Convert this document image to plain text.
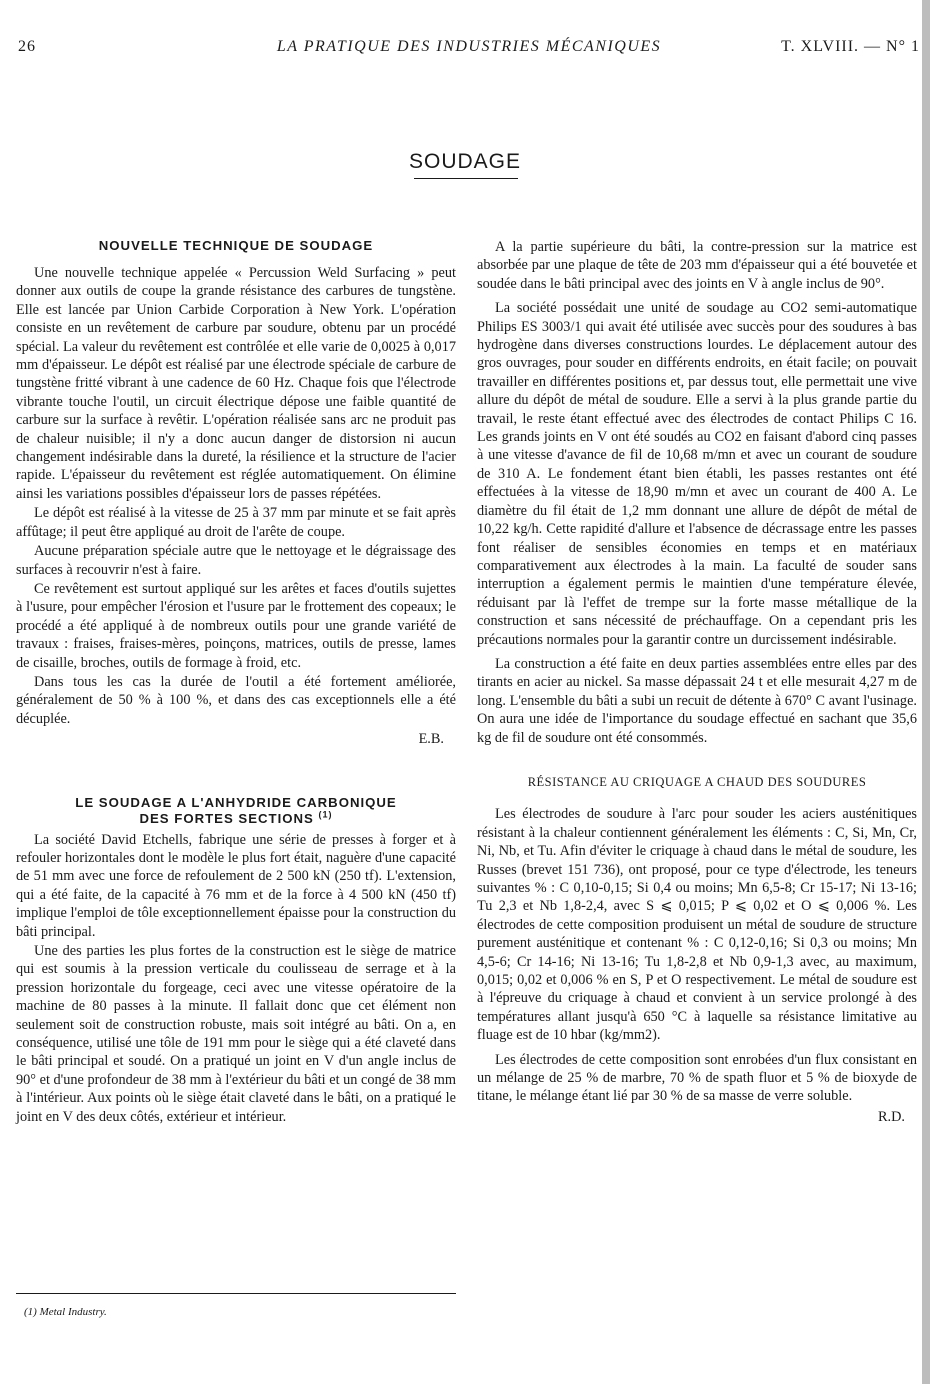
26	LA PRATIQUE DES INDUSTRIES MÉCANIQUES	T. XLVIII. — N° 1
SOUDAGE
NOUVELLE TECHNIQUE DE SOUDAGE

Une nouvelle technique appelée « Percussion Weld Surfacing » peut donner aux outils de coupe la grande résistance des carbures de tungstène. Elle est lancée par Union Carbide Corporation à New York. L'opération consiste en un revêtement de carbure par soudure, obtenu par un procédé spécial. La valeur du revêtement est contrôlée et elle varie de 0,0025 à 0,017 mm d'épaisseur. Le dépôt est réalisé par une électrode spéciale de carbure de tungstène fritté vibrant à une cadence de 60 Hz. Chaque fois que l'électrode vibrante touche l'outil, un circuit électrique dépose une faible quantité de carbure sur la surface à revêtir. L'opération réalisée sans arc ne produit pas de chaleur nuisible; il n'y a donc aucun danger de distorsion ni aucun changement indésirable dans la dureté, la résilience et la structure de l'acier rapide. L'épaisseur du revêtement est réglée automatiquement. On élimine ainsi les variations possibles d'épaisseur lors de passes répétées.

Le dépôt est réalisé à la vitesse de 25 à 37 mm par minute et se fait après affûtage; il peut être appliqué au droit de l'arête de coupe.

Aucune préparation spéciale autre que le nettoyage et le dégraissage des surfaces à recouvrir n'est à faire.

Ce revêtement est surtout appliqué sur les arêtes et faces d'outils sujettes à l'usure, pour empêcher l'érosion et l'usure par le frottement des copeaux; le procédé a été appliqué à de nombreux outils pour une grande variété de travaux : fraises, fraises-mères, poinçons, matrices, outils de presse, lames de cisaille, broches, outils de formage à froid, etc.

Dans tous les cas la durée de l'outil a été fortement améliorée, généralement de 50 % à 100 %, et dans des cas exceptionnels elle a été décuplée.

E.B.
LE SOUDAGE A L'ANHYDRIDE CARBONIQUE
DES FORTES SECTIONS $^{(1)}$

La société David Etchells, fabrique une série de presses à forger et à refouler horizontales dont le modèle le plus fort était, naguère d'une capacité de 51 mm avec une force de refoulement de 2 500 kN (250 tf). L'extension, qui a été faite, de la capacité à 76 mm et de la force à 4 500 kN (450 tf) implique l'emploi de tôle exceptionnellement épaisse pour la construction du bâti principal.

Une des parties les plus fortes de la construction est le siège de matrice qui est soumis à la pression verticale du coulisseau de serrage et à la pression horizontale du forgeage, ceci avec une vitesse opératoire de la machine de 80 passes à la minute. Il fallait donc que cet élément non seulement soit de construction robuste, mais soit intégré au bâti. On a, en conséquence, utilisé une tôle de 191 mm pour le siège qui a été claveté dans le bâti principal et soudé. On a pratiqué un joint en V d'un angle inclus de 90° et d'une profondeur de 38 mm à l'extérieur du bâti et un congé de 38 mm à l'intérieur. Aux points où le siège était claveté dans le bâti, on a pratiqué le joint en V des deux côtés, extérieur et intérieur.

(1) Metal Industry.

A la partie supérieure du bâti, la contre-pression sur la matrice est absorbée par une plaque de tête de 203 mm d'épaisseur qui a été bouvetée et soudée dans le bâti principal avec des joints en V à angle inclus de 90°.

La société possédait une unité de soudage au CO2 semi-automatique Philips ES 3003/1 qui avait été utilisée avec succès pour des soudures à bas hydrogène dans diverses constructions lourdes. Le déplacement autour des gros ouvrages, pour souder en différents endroits, en était facile; on pouvait travailler en différentes positions et, par dessus tout, elle permettait une vive allure du dépôt de métal de soudure. Elle a servi à la plus grande partie du travail, le reste étant effectué avec des électrodes de contact Philips C 16. Les grands joints en V ont été soudés au CO2 en faisant d'abord cinq passes à une vitesse d'avance de fil de 10,68 m/mn et avec un courant de soudure de 310 A. Le fondement étant bien établi, les passes restantes ont été effectuées à la vitesse de 18,90 m/mn et avec un courant de 400 A. Le diamètre du fil était de 1,2 mm donnant une allure de dépôt de métal de 10,22 kg/h. Cette rapidité d'allure et l'absence de décrassage entre les passes font réaliser de sensibles économies en temps et en matériaux comparativement aux électrodes à la main. La faculté de souder sans interruption a également permis le maintien d'une température élevée, réduisant par là l'effet de trempe sur la forte masse métallique de la construction et sans nécessité de préchauffage. On a cependant pris les précautions normales pour la garantir contre un durcissement indésirable.

La construction a été faite en deux parties assemblées entre elles par des tirants en acier au nickel. Sa masse dépassait 24 t et elle mesurait 4,27 m de long. L'ensemble du bâti a subi un recuit de détente à 670° C avant l'usinage. On aura une idée de l'importance du soudage effectué en sachant que 35,6 kg de fil de soudure ont été consommés.

RÉSISTANCE AU CRIQUAGE A CHAUD DES SOUDURES

Les électrodes de soudure à l'arc pour souder les aciers austénitiques résistant à la chaleur contiennent généralement les éléments : C, Si, Mn, Cr, Ni, Nb, et Tu. Afin d'éviter le criquage à chaud dans le métal de soudure, les Russes (brevet 151 736), ont proposé, pour ce type d'électrode, les teneurs suivantes % : C 0,10-0,15; Si 0,4 ou moins; Mn 6,5-8; Cr 15-17; Ni 13-16; Tu 2,3 et Nb 1,8-2,4, avec S ⩽ 0,015; P ⩽ 0,02 et O ⩽ 0,006 %. Les électrodes de cette composition produisent un métal de soudure de structure purement austénitique et contenant % : C 0,12-0,16; Si 0,3 ou moins; Mn 4,5-6; Cr 14-16; Ni 13-16; Tu 1,8-2,8 et Nb 0,9-1,3 avec, au maximum, 0,015; 0,02 et 0,006 % en S, P et O respectivement. Le métal de soudure est à l'épreuve du criquage à chaud et convient à un service prolongé à des températures allant jusqu'à 650 °C à laquelle sa résistance limitative au fluage est de 10 hbar (kg/mm2).

Les électrodes de cette composition sont enrobées d'un flux consistant en un mélange de 25 % de marbre, 70 % de spath fluor et 5 % de bioxyde de titane, le mélange étant lié par 30 % de sa masse de verre soluble.

R.D.
